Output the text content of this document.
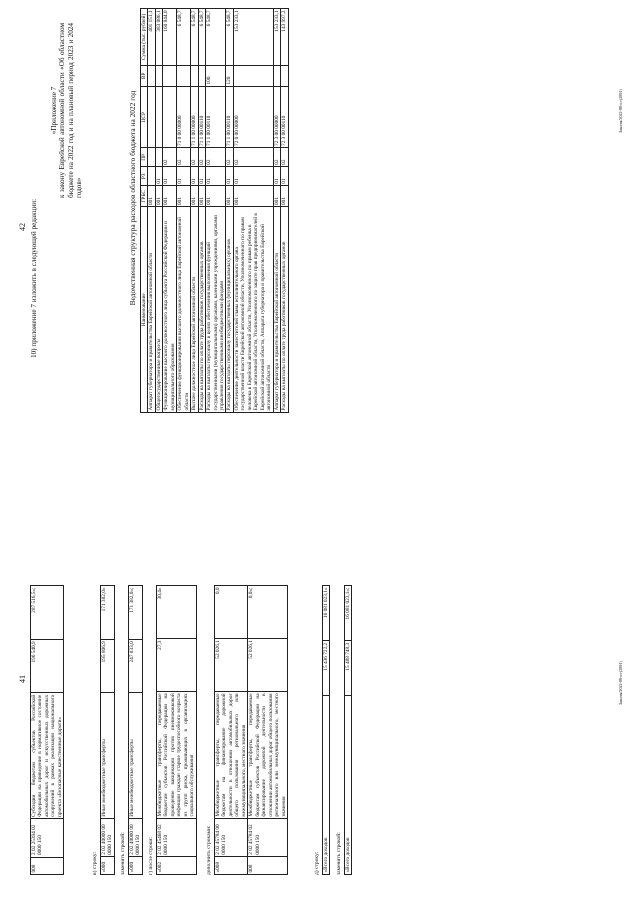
41
008	2 02 25394 02 0000 150	Субсидии бюджетам субъектов Российской Федерации на приведение в нормативное состояние автомобильных дорог и искусственных дорожных сооружений в рамках реализации национального проекта «Безопасные качественные дороги»	196 540,9	287 516,5»;
в) строку: «000	2 02 40000 00 0000 150	Иные межбюджетные трансферты	195 806,9	171 382,0»
заменить строкой: «000	2 02 40000 00 0000 150	Иные межбюджетные трансферты	247 833,0	171 382,0»;
г) после строки: «002	2 02 45468 02 0000 150	Межбюджетные трансферты, передаваемые бюджетам субъектов Российской Федерации на проведение вакцинации против пневмококковой инфекции граждан старше трудоспособного возраста из групп риска, проживающих в организациях социального обслуживания	27,3	30,4»
дополнить строками: «008	2 02 45784 00 0000 150	Межбюджетные трансферты, передаваемые бюджетам на финансирование дорожной деятельности в отношении автомобильных дорог общего пользования регионального или межмуниципального, местного значения	52 026,1	0,0
008	2 02 45784 02 0000 150	Межбюджетные трансферты, передаваемые бюджетам субъектов Российской Федерации на финансирование дорожной деятельности в отношении автомобильных дорог общего пользования регионального или межмуниципального, местного значения	52 026,1	0,0»;
д) строку: «Всего доходов	15 436 722,2	16 081 023,1»
заменить строкой: «Всего доходов	15 488 748,3	16 081 023,1»;
Законы/2022-88-оз-(2891)
42 10) приложение 7 изложить в следующей редакции:
«Приложение 7 к закону Еврейской автономной области «Об областном бюджете на 2022 год и на плановый период 2023 и 2024 годов»	Ведомственная структура расходов областного бюджета на 2022 год
Наименование	ГРБС	РЗ	ПР	ЦСР	ВР	Сумма (тыс. рублей)
Аппарат губернатора и правительства Еврейской автономной области	001					401 151,1
Общегосударственные вопросы	001	01				383 086,1
Функционирование высшего должностного лица субъекта Российской Федерации и муниципального образования	001	01	02			160 844,0
Обеспечение функционирования высшего должностного лица Еврейской автономной области	001	01	02	71 0 00 00000		6 548,7
Высшее должностное лицо Еврейской автономной области	001	01	02	71 1 00 00000		6 548,7
Расходы на выплаты по оплате труда работников государственных органов	001	01	02	71 1 00 00110		6 548,7
Расходы на выплаты персоналу в целях обеспечения выполнения функций государственными (муниципальными) органами, казенными учреждениями, органами управления государственными внебюджетными фондами	001	01	02	71 1 00 00110	100	6 548,7
Расходы на выплаты персоналу государственных (муниципальных) органов	001	01	02	71 1 00 00110	120	6 548,7
Обеспечение деятельности заместителей главы исполнительного органа государственной власти Еврейской автономной области, Уполномоченного по правам человека в Еврейской автономной области, Уполномоченного по правам ребенка в Еврейской автономной области, Уполномоченного по защите прав предпринимателей в Еврейской автономной области, Аппарата губернатора и правительства Еврейской автономной области	001	01	02	72 0 00 00000		153 233,1
Аппарат губернатора и правительства Еврейской автономной области	001	01	02	72 3 00 00000		153 233,1
Расходы на выплаты по оплате труда работников государственных органов	001	01	02	72 3 00 00110		143 997,2
Законы/2022-88-оз-(2891)
